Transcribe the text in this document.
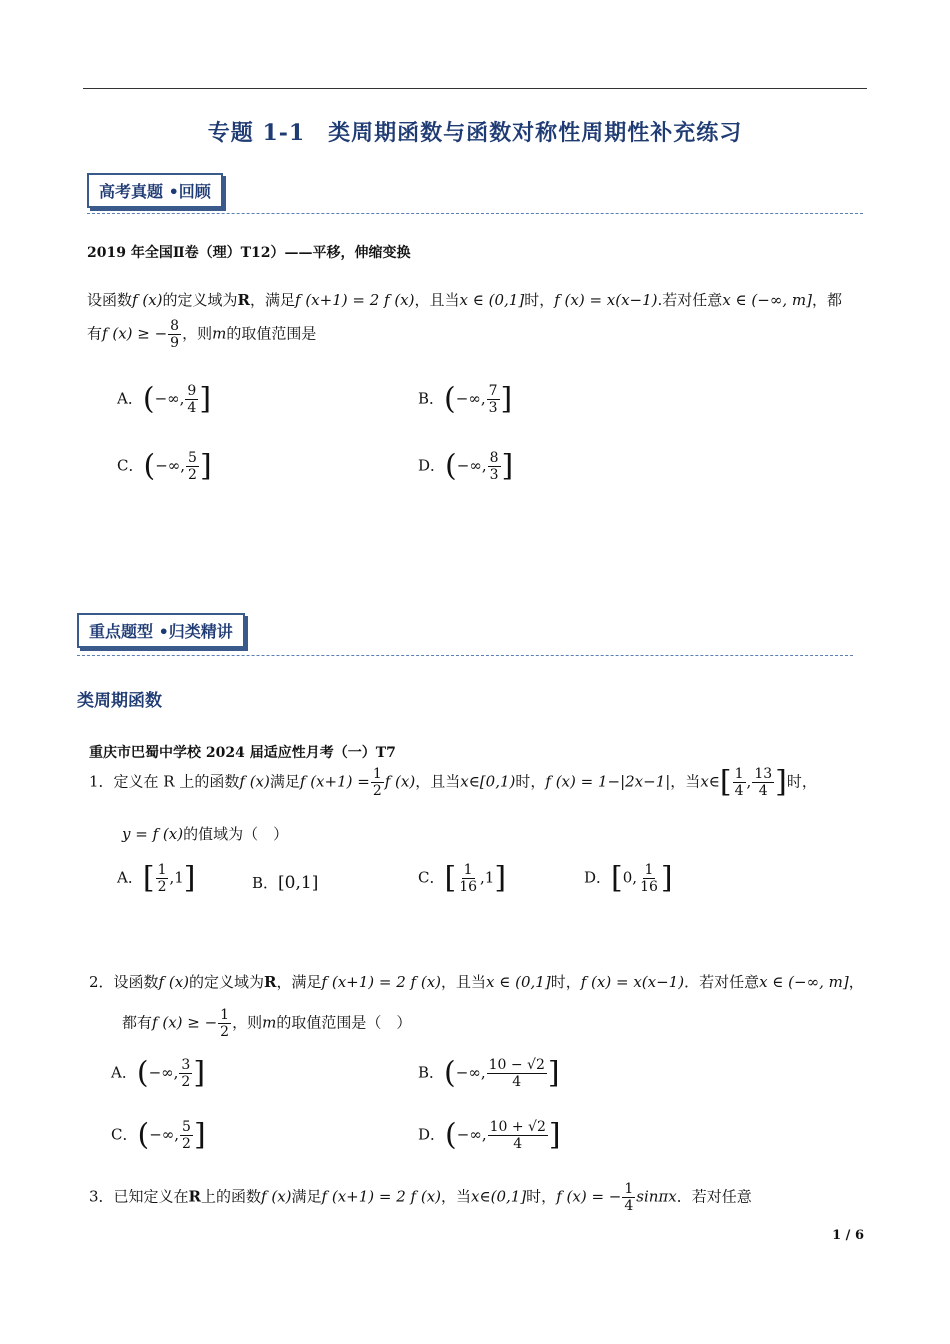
专题 1-1　类周期函数与函数对称性周期性补充练习
高考真题 •回顾
2019 年全国Ⅱ卷（理）T12）——平移，伸缩变换
设函数f (x)的定义域为R，满足f (x+1) = 2 f (x)，且当x ∈ (0,1]时，f (x) = x(x−1).若对任意x ∈ (−∞, m]，都
有f (x) ≥ − $\frac{8}{9}$ ，则m的取值范围是
A．(−∞, $\frac{9}{4}$ ]	B．(−∞, $\frac{7}{3}$ ]
C．(−∞, $\frac{5}{2}$ ]	D．(−∞, $\frac{8}{3}$ ]
重点题型 •归类精讲
类周期函数
重庆市巴蜀中学校 2024 届适应性月考（一）T7
1．定义在 R 上的函数f (x)满足f $(x+1) = \frac{1}{2}$ f (x)，且当x∈[0,1)时，f (x) = 1−|2x−1|，当x∈[ $\frac{1}{4}$ , $\frac{13}{4}$ ]时，
y = f (x)的值域为（　）
A．[ $\frac{1}{2} ,1$]	B．[0,1]	C．[ $\frac{1}{16} ,1$]	D．[0, $\frac{1}{16}$ ]
2．设函数f (x)的定义域为R，满足f (x+1) = 2 f (x)，且当x ∈ (0,1]时，f (x) = x(x−1)．若对任意x ∈ (−∞, m]，
都有f (x) ≥ − $\frac{1}{2}$ ，则m的取值范围是（　）
A．(−∞, $\frac{3}{2}$ ]	B．(−∞, $\frac{10 - √2}{4}$ ]
C．(−∞, $\frac{5}{2}$ ]	D．(−∞, $\frac{10 + √2}{4}$ ]
3．已知定义在R上的函数f (x)满足f (x+1) = 2 f (x)，当x∈(0,1]时，f (x) = − $\frac{1}{4}$ sinπx．若对任意
1 / 6
